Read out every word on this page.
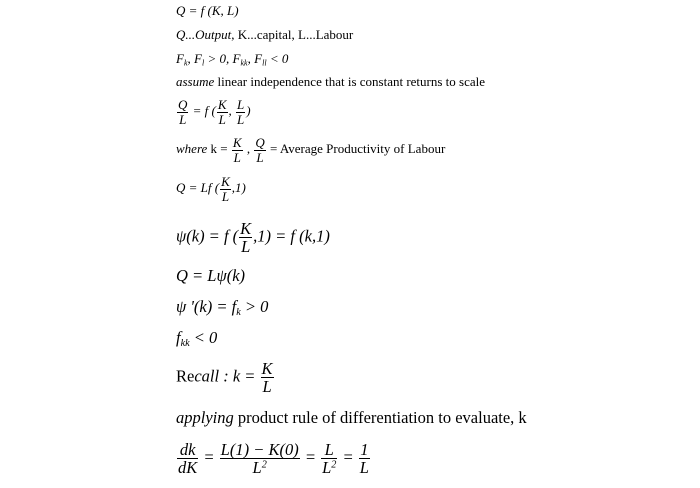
Q = f (K, L)
Q...Output, K...capital, L...Labour
$F_k$, $F_l > 0$, $F_{kk}$, $F_{ll} < 0$
assume linear independence that is constant returns to scale
$\frac{Q}{L} = f$ ( $\frac{K}{L}$ , $\frac{L}{L}$ )
where $k = \frac{K}{L}$ , $\frac{Q}{L}$ = Average Productivity of Labour
Q = Lf ( $\frac{K}{L} ,1$)
ψ(k) = f ( $\frac{K}{L} ,1) = f$ (k,1)
Q = Lψ(k)
ψ '$(k) = f_k > 0$
$f_{kk} < 0$
Recall : $k = \frac{K}{L}$
applying product rule of differentiation to evaluate, k
$\frac{dk}{dK} = \frac{L(1) - K(0)}{L^2} = \frac{L}{L^2} = \frac{1}{L}$
